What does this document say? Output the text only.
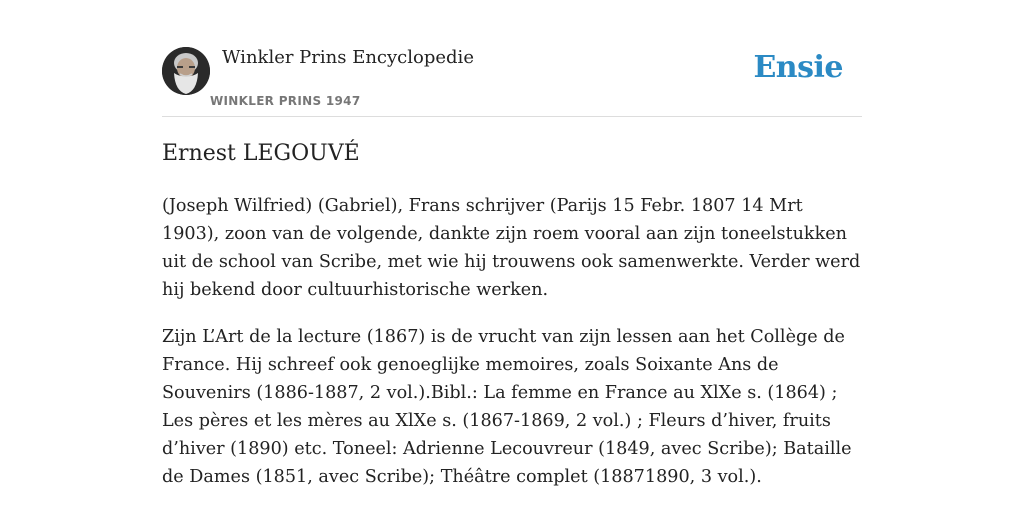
Winkler Prins Encyclopedie
WINKLER PRINS 1947
Ensie
Ernest LEGOUVÉ

(Joseph Wilfried) (Gabriel), Frans schrijver (Parijs 15 Febr. 1807 14 Mrt 1903), zoon van de volgende, dankte zijn roem vooral aan zijn toneelstukken uit de school van Scribe, met wie hij trouwens ook samenwerkte. Verder werd hij bekend door cultuurhistorische werken.

Zijn L’Art de la lecture (1867) is de vrucht van zijn lessen aan het Collège de France. Hij schreef ook genoeglijke memoires, zoals Soixante Ans de Souvenirs (1886-1887, 2 vol.).Bibl.: La femme en France au XlXe s. (1864) ; Les pères et les mères au XlXe s. (1867-1869, 2 vol.) ; Fleurs d’hiver, fruits d’hiver (1890) etc. Toneel: Adrienne Lecouvreur (1849, avec Scribe); Bataille de Dames (1851, avec Scribe); Théâtre complet (18871890, 3 vol.).
